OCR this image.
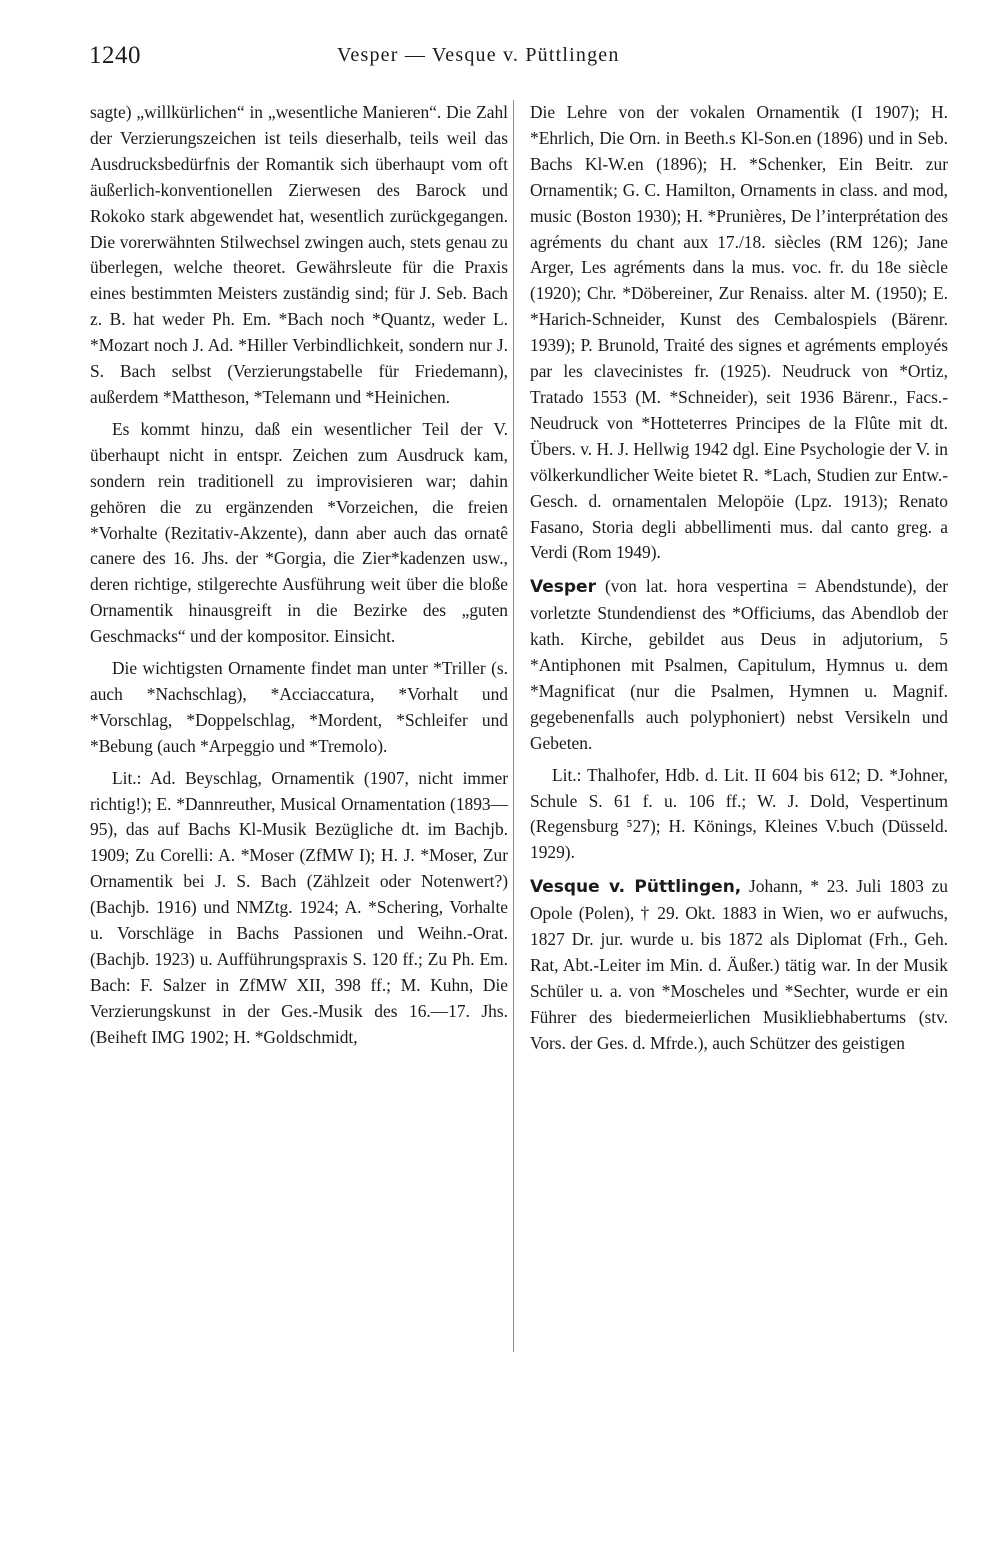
1240	Vesper — Vesque v. Püttlingen

sagte) „willkürlichen“ in „wesentliche Manieren“. Die Zahl der Verzierungszeichen ist teils dieserhalb, teils weil das Ausdrucksbedürfnis der Romantik sich überhaupt vom oft äußerlich-konventionellen Zierwesen des Barock und Rokoko stark abgewendet hat, wesentlich zurückgegangen. Die vorerwähnten Stilwechsel zwingen auch, stets genau zu überlegen, welche theoret. Gewährsleute für die Praxis eines bestimmten Meisters zuständig sind; für J. Seb. Bach z. B. hat weder Ph. Em. *Bach noch *Quantz, weder L. *Mozart noch J. Ad. *Hiller Verbindlichkeit, sondern nur J. S. Bach selbst (Verzierungstabelle für Friedemann), außerdem *Mattheson, *Telemann und *Heinichen.

Es kommt hinzu, daß ein wesentlicher Teil der V. überhaupt nicht in entspr. Zeichen zum Ausdruck kam, sondern rein traditionell zu improvisieren war; dahin gehören die zu ergänzenden *Vorzeichen, die freien *Vorhalte (Rezitativ-Akzente), dann aber auch das ornatê canere des 16. Jhs. der *Gorgia, die Zier*kadenzen usw., deren richtige, stilgerechte Ausführung weit über die bloße Ornamentik hinausgreift in die Bezirke des „guten Geschmacks“ und der kompositor. Einsicht.

Die wichtigsten Ornamente findet man unter *Triller (s. auch *Nachschlag), *Acciaccatura, *Vorhalt und *Vorschlag, *Doppelschlag, *Mordent, *Schleifer und *Bebung (auch *Arpeggio und *Tremolo).

Lit.: Ad. Beyschlag, Ornamentik (1907, nicht immer richtig!); E. *Dannreuther, Musical Ornamentation (1893—95), das auf Bachs Kl-Musik Bezügliche dt. im Bachjb. 1909; Zu Corelli: A. *Moser (ZfMW I); H. J. *Moser, Zur Ornamentik bei J. S. Bach (Zählzeit oder Notenwert?) (Bachjb. 1916) und NMZtg. 1924; A. *Schering, Vorhalte u. Vorschläge in Bachs Passionen und Weihn.-Orat. (Bachjb. 1923) u. Aufführungspraxis S. 120 ff.; Zu Ph. Em. Bach: F. Salzer in ZfMW XII, 398 ff.; M. Kuhn, Die Verzierungskunst in der Ges.-Musik des 16.—17. Jhs. (Beiheft IMG 1902; H. *Goldschmidt,

Die Lehre von der vokalen Ornamentik (I 1907); H. *Ehrlich, Die Orn. in Beeth.s Kl-Son.en (1896) und in Seb. Bachs Kl-W.en (1896); H. *Schenker, Ein Beitr. zur Ornamentik; G. C. Hamilton, Ornaments in class. and mod, music (Boston 1930); H. *Prunières, De l’interprétation des agréments du chant aux 17./18. siècles (RM 126); Jane Arger, Les agréments dans la mus. voc. fr. du 18e siècle (1920); Chr. *Döbereiner, Zur Renaiss. alter M. (1950); E. *Harich-Schneider, Kunst des Cembalospiels (Bärenr. 1939); P. Brunold, Traité des signes et agréments employés par les clavecinistes fr. (1925). Neudruck von *Ortiz, Tratado 1553 (M. *Schneider), seit 1936 Bärenr., Facs.-Neudruck von *Hotteterres Principes de la Flûte mit dt. Übers. v. H. J. Hellwig 1942 dgl. Eine Psychologie der V. in völkerkundlicher Weite bietet R. *Lach, Studien zur Entw.-Gesch. d. ornamentalen Melopöie (Lpz. 1913); Renato Fasano, Storia degli abbellimenti mus. dal canto greg. a Verdi (Rom 1949).

Vesper (von lat. hora vespertina = Abendstunde), der vorletzte Stundendienst des *Officiums, das Abendlob der kath. Kirche, gebildet aus Deus in adjutorium, 5 *Antiphonen mit Psalmen, Capitulum, Hymnus u. dem *Magnificat (nur die Psalmen, Hymnen u. Magnif. gegebenenfalls auch polyphoniert) nebst Versikeln und Gebeten.

Lit.: Thalhofer, Hdb. d. Lit. II 604 bis 612; D. *Johner, Schule S. 61 f. u. 106 ff.; W. J. Dold, Vespertinum (Regensburg ⁵27); H. Könings, Kleines V.buch (Düsseld. 1929).

Vesque v. Püttlingen, Johann, * 23. Juli 1803 zu Opole (Polen), † 29. Okt. 1883 in Wien, wo er aufwuchs, 1827 Dr. jur. wurde u. bis 1872 als Diplomat (Frh., Geh. Rat, Abt.-Leiter im Min. d. Äußer.) tätig war. In der Musik Schüler u. a. von *Moscheles und *Sechter, wurde er ein Führer des biedermeierlichen Musikliebhabertums (stv. Vors. der Ges. d. Mfrde.), auch Schützer des geistigen
